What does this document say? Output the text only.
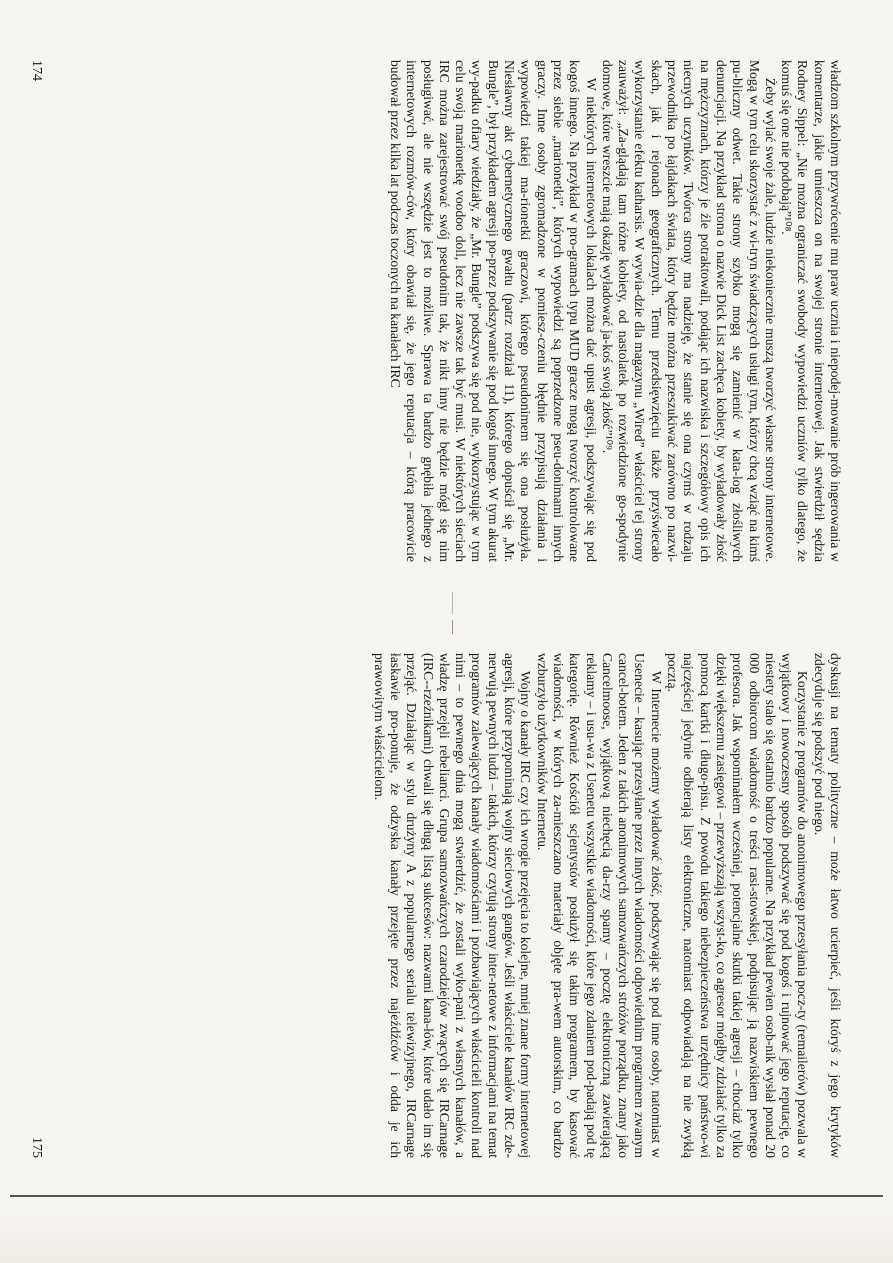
władzom szkolnym przywrócenie mu praw ucznia i niepodej-mowanie prób ingerowania w komentarze, jakie umieszcza on na swojej stronie internetowej. Jak stwierdził sędzia Rodney Sippel: „Nie można ograniczać swobody wypowiedzi uczniów tylko dlatego, że komuś się one nie podobają”¹⁰⁸.

Żeby wylać swoje żale, ludzie niekoniecznie muszą tworzyć własne strony internetowe. Mogą w tym celu skorzystać z wi-tryn świadczących usługi tym, którzy chcą wziąć na kimś pu-bliczny odwet. Takie strony szybko mogą się zamienić w kata-log złośliwych denuncjacji. Na przykład strona o nazwie Dick List zachęca kobiety, by wyładowały złość na mężczyznach, którzy je źle potraktowali, podając ich nazwiska i szczegółowy opis ich niecnych uczynków. Twórca strony ma nadzieję, że stanie się ona czymś w rodzaju przewodnika po łajdakach świata, który będzie można przeszukiwać zarówno po nazwi-skach, jak i rejonach geograficznych. Temu przedsięwzięciu także przyświecało wykorzystanie efektu katharsis. W wywia-dzie dla magazynu „Wired” właściciel tej strony zauważył: „Za-glądają tam różne kobiety, od nastolatek po rozwiedzione go-spodynie domowe, które wreszcie mają okazję wyładować ja-koś swoją złość”¹⁰⁹.

W niektórych internetowych lokalach można dać upust agresji, podszywając się pod kogoś innego. Na przykład w pro-gramach typu MUD gracze mogą tworzyć kontrolowane przez siebie „marionetki”, których wypowiedzi są poprzedzone pseu-donimami innych graczy. Inne osoby zgromadzone w pomiesz-czeniu błędnie przypisują działania i wypowiedzi takiej ma-rionetki graczowi, którego pseudonimem się ona posłużyła. Niesławny akt cybernetycznego gwałtu (patrz rozdział 11), którego dopuścił się „Mr. Bungle”, był przykładem agresji po-przez podszywanie się pod kogoś innego. W tym akurat wy-padku ofiary wiedziały, że „Mr. Bungle” podszywa się pod nie, wykorzystując w tym celu swoją marionetkę voodoo doll, lecz nie zawsze tak być musi. W niektórych sieciach IRC można zarejestrować swój pseudonim tak, że nikt inny nie będzie mógł się nim posługiwać, ale nie wszędzie jest to możliwe. Sprawa ta bardzo gnębiła jednego z internetowych rozmów-ców, który obawiał się, że jego reputacja – którą pracowicie budował przez kilka lat podczas toczonych na kanałach IRC

174

dyskusji na tematy polityczne – może łatwo ucierpieć, jeśli któryś z jego krytyków zdecyduje się podszyć pod niego.

Korzystanie z programów do anonimowego przesyłania pocz-ty (remailerów) pozwala w wyjątkowy i nowoczesny sposób podszywać się pod kogoś i rujnować jego reputację, co niestety stało się ostatnio bardzo popularne. Na przykład pewien osob-nik wysłał ponad 20 000 odbiorcom wiadomość o treści rasi-stowskiej, podpisując ją nazwiskiem pewnego profesora. Jak wspominałem wcześniej, potencjalne skutki takiej agresji – chociaż tylko dzięki większemu zasięgowi – przewyższają wszyst-ko, co agresor mógłby zdziałać tylko za pomocą kartki i długo-pisu. Z powodu takiego niebezpieczeństwa urzędnicy państwo-wi najczęściej jedynie odbierają listy elektroniczne, natomiast odpowiadają na nie zwykłą pocztą.

W Internecie możemy wyładować złość, podszywając się pod inne osoby, natomiast w Usenecie – kasując przesyłane przez innych wiadomości odpowiednim programem zwanym cancel-botem. Jeden z takich anonimowych samozwańczych stróżów porządku, znany jako Cancelmoose, wyjątkową niechęcią da-rzy spamy – pocztę elektroniczną zawierającą reklamy – i usu-wa z Usenetu wszystkie wiadomości, które jego zdaniem pod-padają pod tę kategorię. Również Kościół scjentystów posłużył się takim programem, by kasować wiadomości, w których za-mieszczano materiały objęte pra-wem autorskim, co bardzo wzburzyło użytkowników Internetu.

Wojny o kanały IRC czy ich wrogie przejęcia to kolejne, mniej znane formy internetowej agresji, które przypominają wojny sieciowych gangów. Jeśli właściciele kanałów IRC zde-nerwują pewnych ludzi – takich, którzy czytują strony inter-netowe z informacjami na temat programów zalewających kanały wiadomościami i pozbawiających właścicieli kontroli nad nimi – to pewnego dnia mogą stwierdzić, że zostali wyko-pani z własnych kanałów, a władzę przejęli rebelianci. Grupa samozwańczych czarodziejów zwących się IRCarnage (IRC--rzeźnikami) chwali się długą listą sukcesów: nazwami kana-łów, które udało im się przejąć. Działając w stylu drużyny A z popularnego serialu telewizyjnego, IRCarnage łaskawie pro-ponuje, że odzyska kanały przejęte przez najeźdźców i odda je ich prawowitym właścicielom.

175
